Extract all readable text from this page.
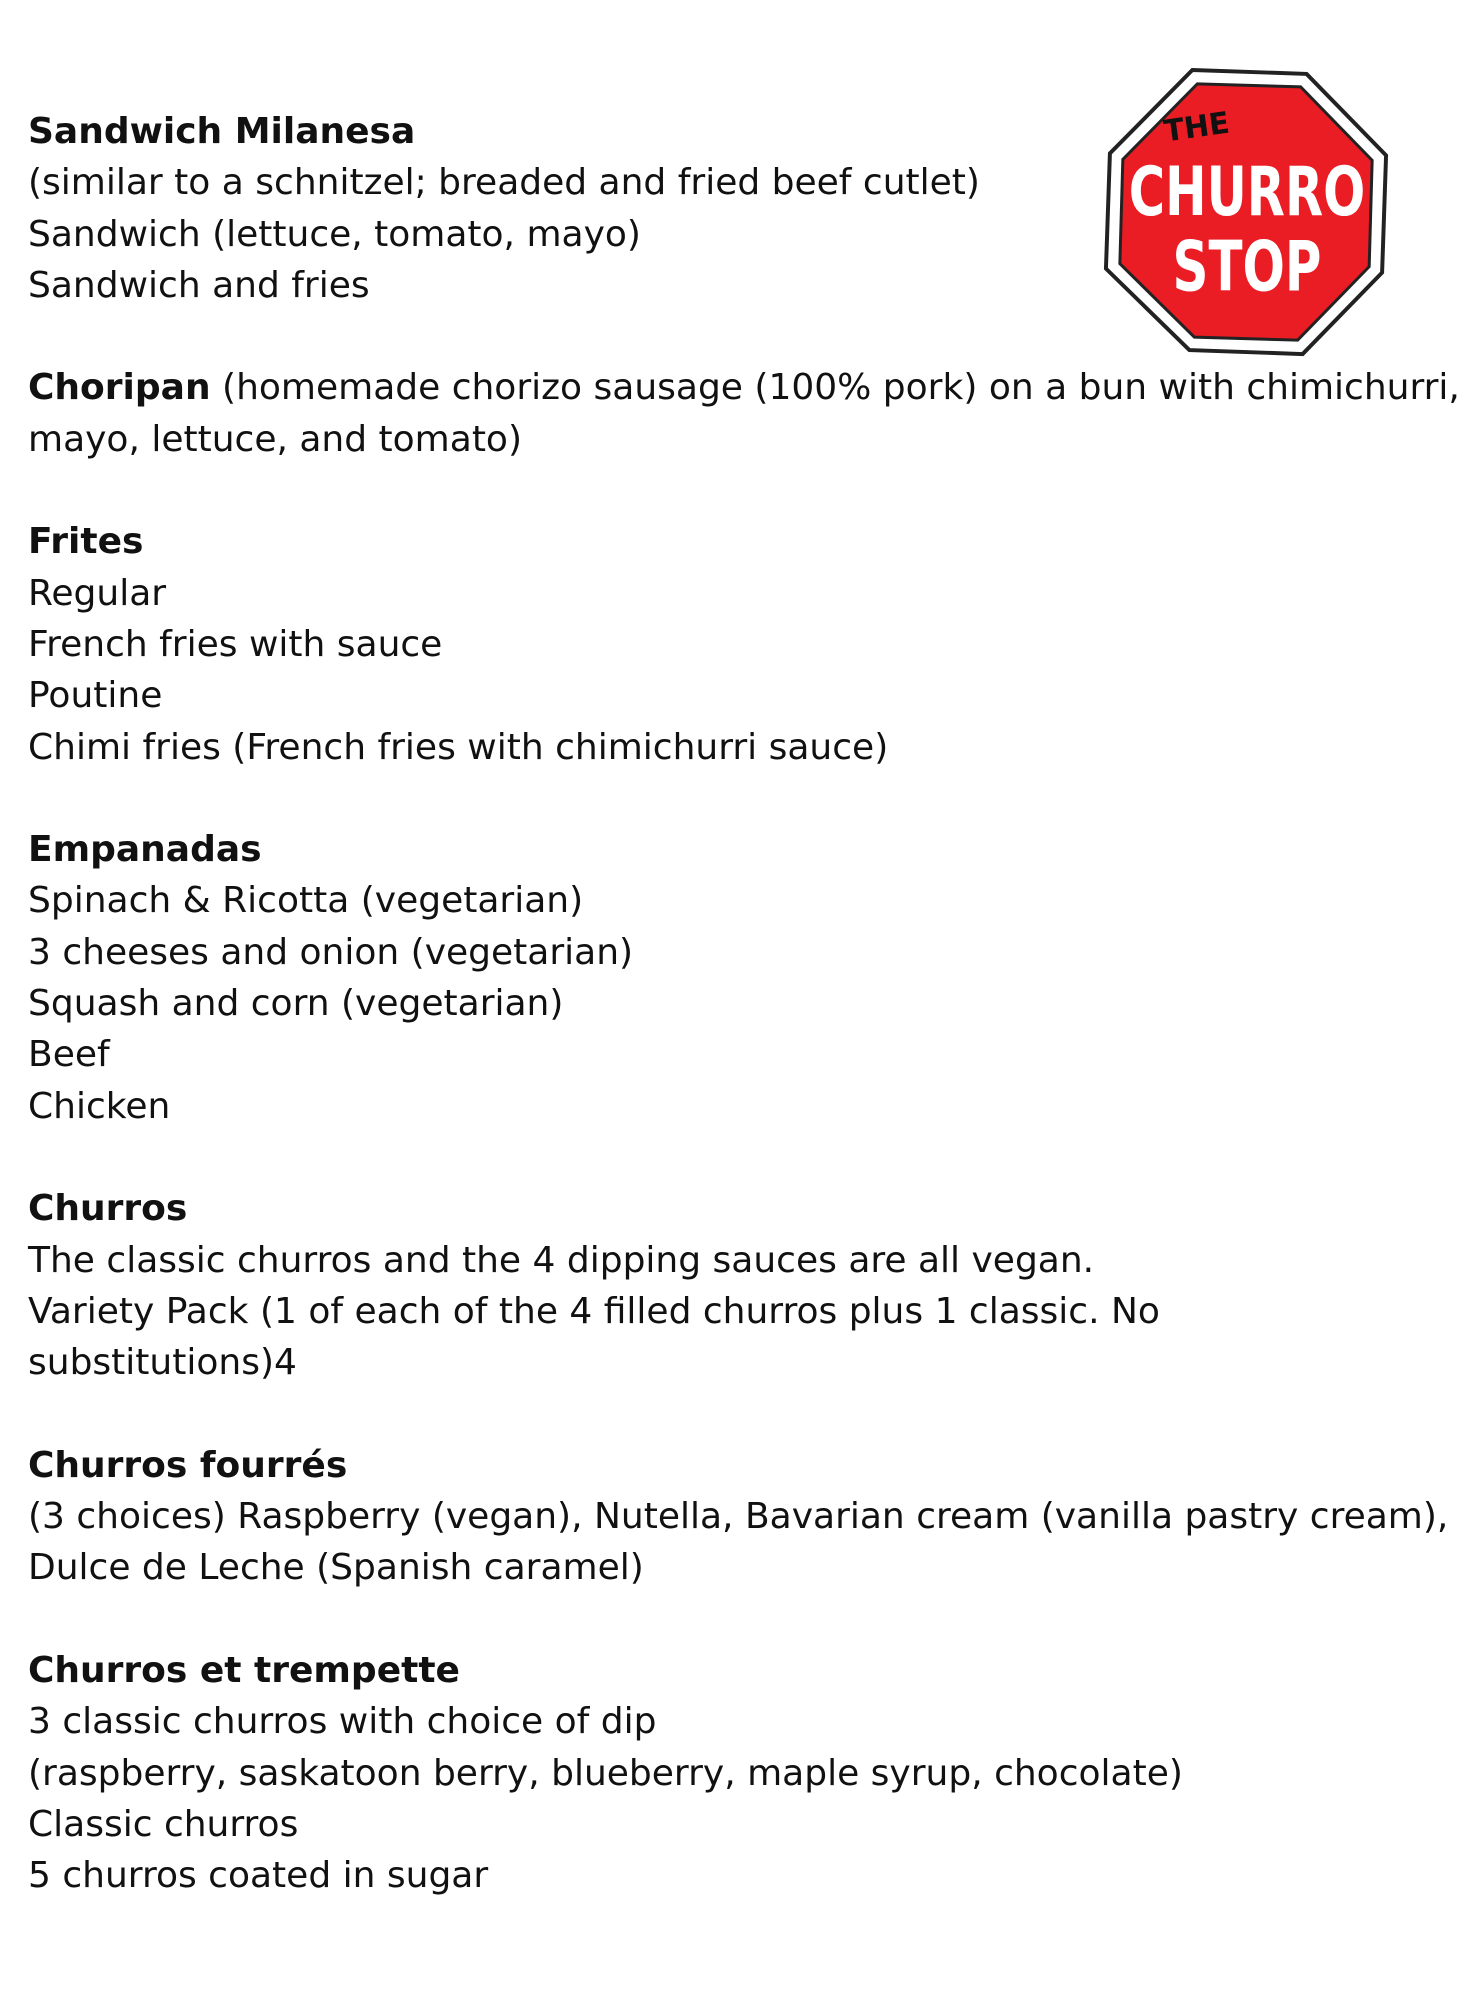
THE
CHURRO
STOP

Sandwich Milanesa

(similar to a schnitzel; breaded and fried beef cutlet)

Sandwich (lettuce, tomato, mayo)

Sandwich and fries

Choripan (homemade chorizo sausage (100% pork) on a bun with chimichurri,

mayo, lettuce, and tomato)

Frites

Regular

French fries with sauce

Poutine

Chimi fries (French fries with chimichurri sauce)

Empanadas

Spinach & Ricotta (vegetarian)

3 cheeses and onion (vegetarian)

Squash and corn (vegetarian)

Beef

Chicken

Churros

The classic churros and the 4 dipping sauces are all vegan.

Variety Pack (1 of each of the 4 filled churros plus 1 classic. No

substitutions)4

Churros fourrés

(3 choices) Raspberry (vegan), Nutella, Bavarian cream (vanilla pastry cream),

Dulce de Leche (Spanish caramel)

Churros et trempette

3 classic churros with choice of dip

(raspberry, saskatoon berry, blueberry, maple syrup, chocolate)

Classic churros

5 churros coated in sugar
